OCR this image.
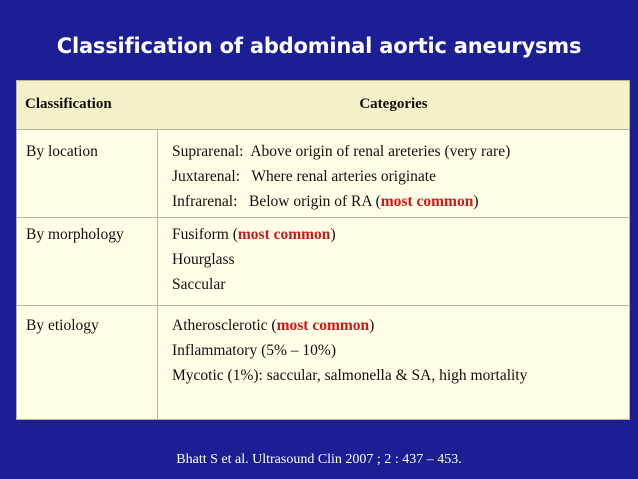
Classification of abdominal aortic aneurysms
Classification	Categories
By location	Suprarenal:  Above origin of renal areteries (very rare)
Juxtarenal:   Where renal arteries originate
Infrarenal:   Below origin of RA (most common)
By morphology	Fusiform (most common)
Hourglass
Saccular
By etiology	Atherosclerotic (most common)
Inflammatory (5% – 10%)
Mycotic (1%): saccular, salmonella & SA, high mortality
Bhatt S et al. Ultrasound Clin 2007 ; 2 : 437 – 453.
